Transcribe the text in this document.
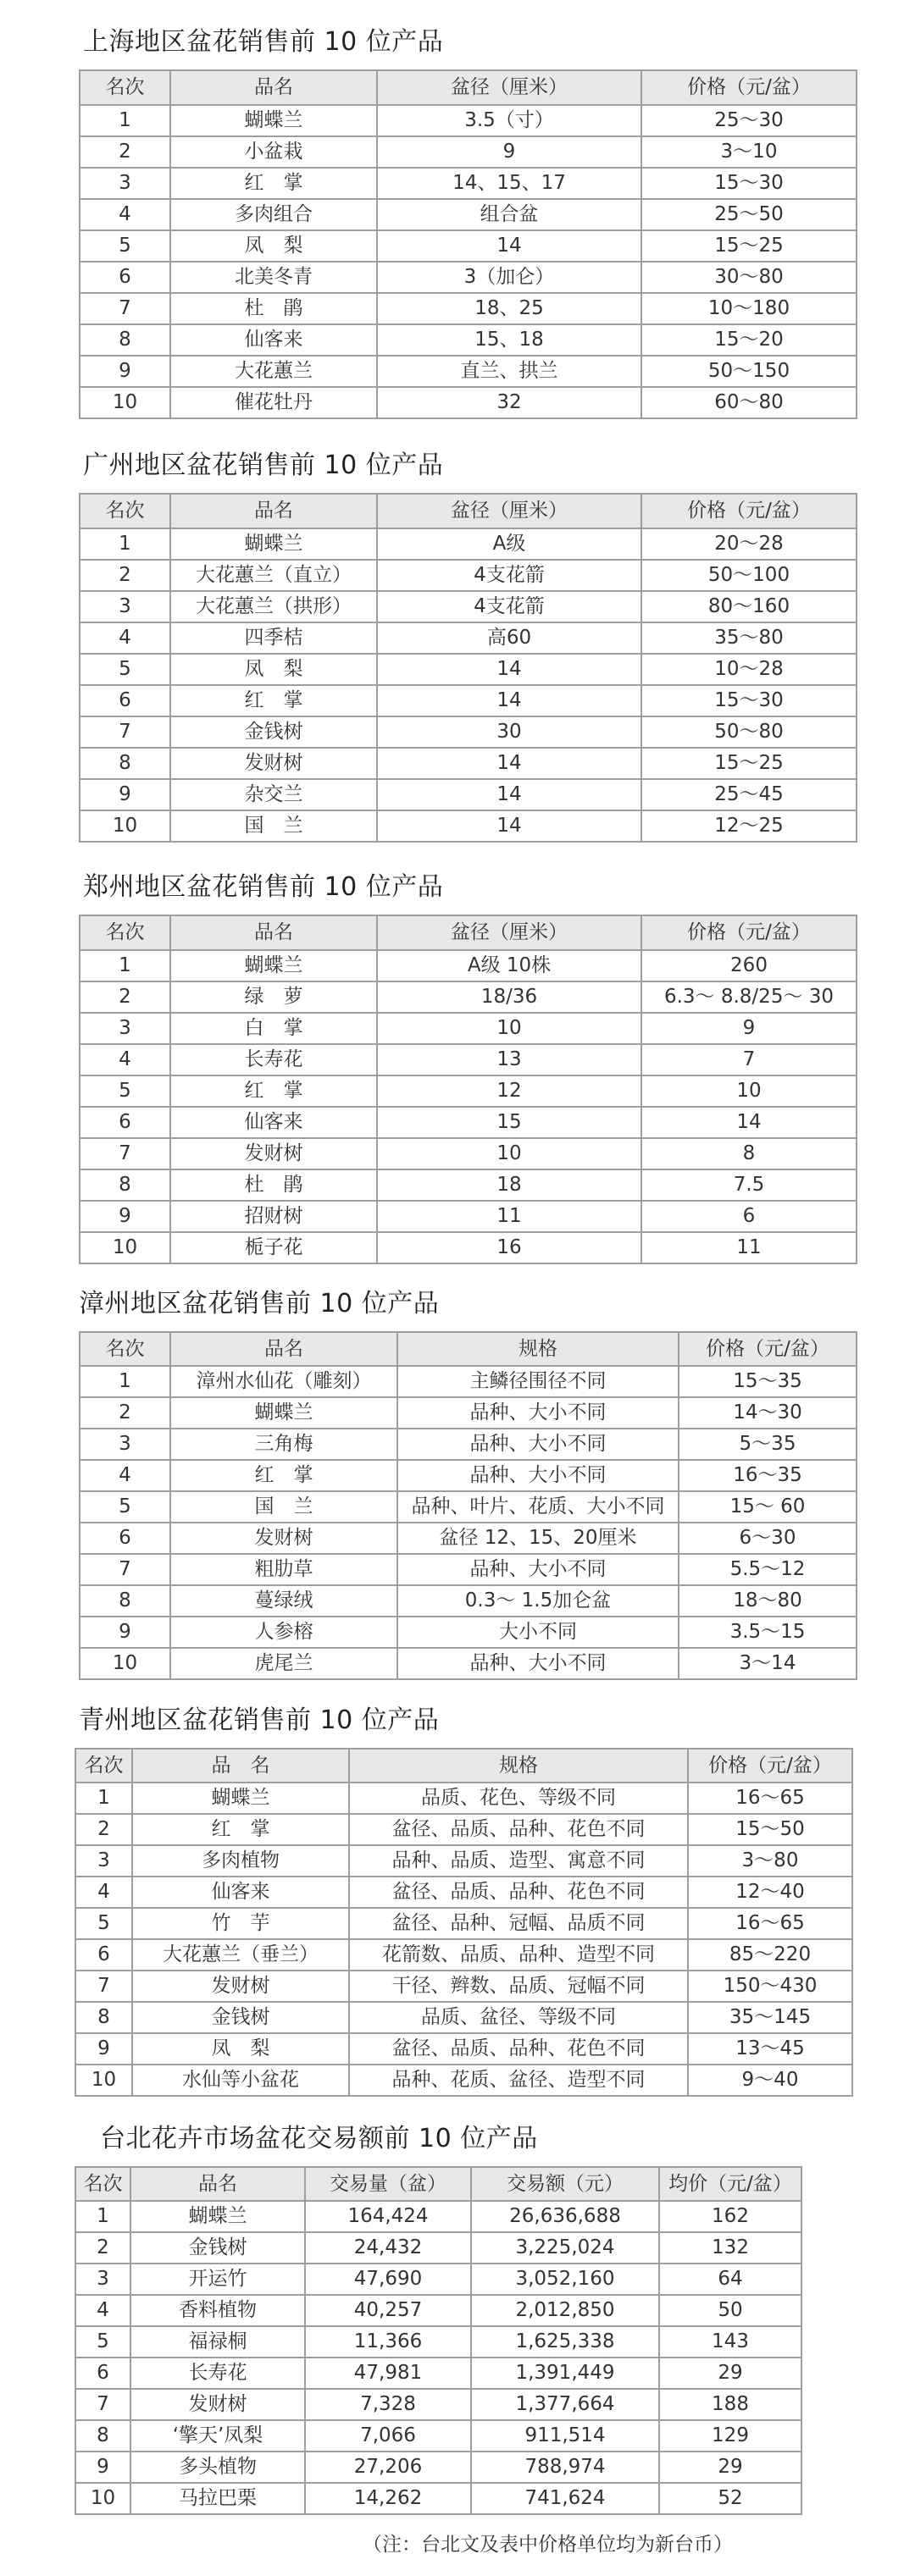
上海地区盆花销售前 10 位产品
名次	品名	盆径（厘米）	价格（元/盆）
1	蝴蝶兰	3.5（寸）	25～30
2	小盆栽	9	3～10
3	红　掌	14、15、17	15～30
4	多肉组合	组合盆	25～50
5	凤　梨	14	15～25
6	北美冬青	3（加仑）	30～80
7	杜　鹃	18、25	10～180
8	仙客来	15、18	15～20
9	大花蕙兰	直兰、拱兰	50～150
10	催花牡丹	32	60～80
广州地区盆花销售前 10 位产品
名次	品名	盆径（厘米）	价格（元/盆）
1	蝴蝶兰	A级	20～28
2	大花蕙兰（直立）	4支花箭	50～100
3	大花蕙兰（拱形）	4支花箭	80～160
4	四季桔	高60	35～80
5	凤　梨	14	10～28
6	红　掌	14	15～30
7	金钱树	30	50～80
8	发财树	14	15～25
9	杂交兰	14	25～45
10	国　兰	14	12～25
郑州地区盆花销售前 10 位产品
名次	品名	盆径（厘米）	价格（元/盆）
1	蝴蝶兰	A级 10株	260
2	绿　萝	18/36	6.3～ 8.8/25～ 30
3	白　掌	10	9
4	长寿花	13	7
5	红　掌	12	10
6	仙客来	15	14
7	发财树	10	8
8	杜　鹃	18	7.5
9	招财树	11	6
10	栀子花	16	11
漳州地区盆花销售前 10 位产品
名次	品名	规格	价格（元/盆）
1	漳州水仙花（雕刻）	主鳞径围径不同	15～35
2	蝴蝶兰	品种、大小不同	14～30
3	三角梅	品种、大小不同	5～35
4	红　掌	品种、大小不同	16～35
5	国　兰	品种、叶片、花质、大小不同	15～ 60
6	发财树	盆径 12、15、20厘米	6～30
7	粗肋草	品种、大小不同	5.5～12
8	蔓绿绒	0.3～ 1.5加仑盆	18～80
9	人参榕	大小不同	3.5～15
10	虎尾兰	品种、大小不同	3～14
青州地区盆花销售前 10 位产品
名次	品　名	规格	价格（元/盆）
1	蝴蝶兰	品质、花色、等级不同	16～65
2	红　掌	盆径、品质、品种、花色不同	15～50
3	多肉植物	品种、品质、造型、寓意不同	3～80
4	仙客来	盆径、品质、品种、花色不同	12～40
5	竹　芋	盆径、品种、冠幅、品质不同	16～65
6	大花蕙兰（垂兰）	花箭数、品质、品种、造型不同	85～220
7	发财树	干径、辫数、品质、冠幅不同	150～430
8	金钱树	品质、盆径、等级不同	35～145
9	凤　梨	盆径、品质、品种、花色不同	13～45
10	水仙等小盆花	品种、花质、盆径、造型不同	9～40
台北花卉市场盆花交易额前 10 位产品
名次	品名	交易量（盆）	交易额（元）	均价（元/盆）
1	蝴蝶兰	164,424	26,636,688	162
2	金钱树	24,432	3,225,024	132
3	开运竹	47,690	3,052,160	64
4	香料植物	40,257	2,012,850	50
5	福禄桐	11,366	1,625,338	143
6	长寿花	47,981	1,391,449	29
7	发财树	7,328	1,377,664	188
8	‘擎天’凤梨	7,066	911,514	129
9	多头植物	27,206	788,974	29
10	马拉巴栗	14,262	741,624	52

（注：台北文及表中价格单位均为新台币）
